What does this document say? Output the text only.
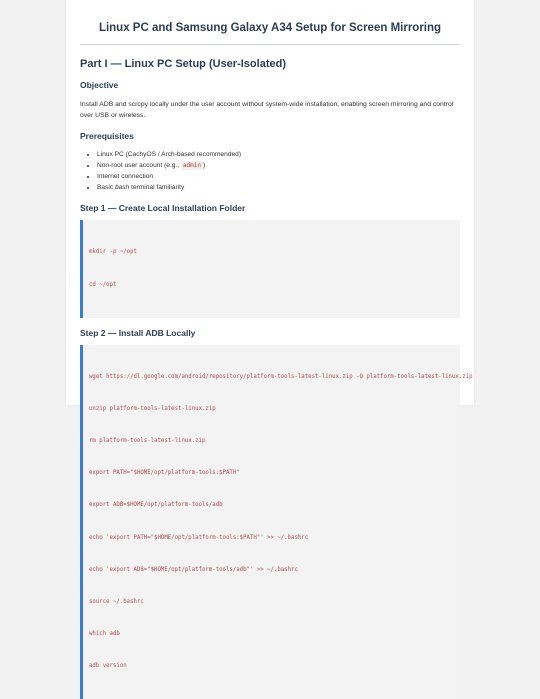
Linux PC and Samsung Galaxy A34 Setup for Screen Mirroring
Part I — Linux PC Setup (User-Isolated)
Objective

Install ADB and scrcpy locally under the user account without system-wide installation, enabling screen mirroring and control over USB or wireless.

Prerequisites
• Linux PC (CachyOS / Arch-based recommended)
• Non-root user account (e.g., admin )
• Internet connection
• Basic bash terminal familiarity
Step 1 — Create Local Installation Folder

mkdir -p ~/opt

cd ~/opt

Step 2 — Install ADB Locally

wget https://dl.google.com/android/repository/platform-tools-latest-linux.zip -O platform-tools-latest-linux.zip

unzip platform-tools-latest-linux.zip

rm platform-tools-latest-linux.zip

export PATH="$HOME/opt/platform-tools:$PATH"

export ADB=$HOME/opt/platform-tools/adb

echo 'export PATH="$HOME/opt/platform-tools:$PATH"' >> ~/.bashrc

echo 'export ADB="$HOME/opt/platform-tools/adb"' >> ~/.bashrc

source ~/.bashrc

which adb

adb version
